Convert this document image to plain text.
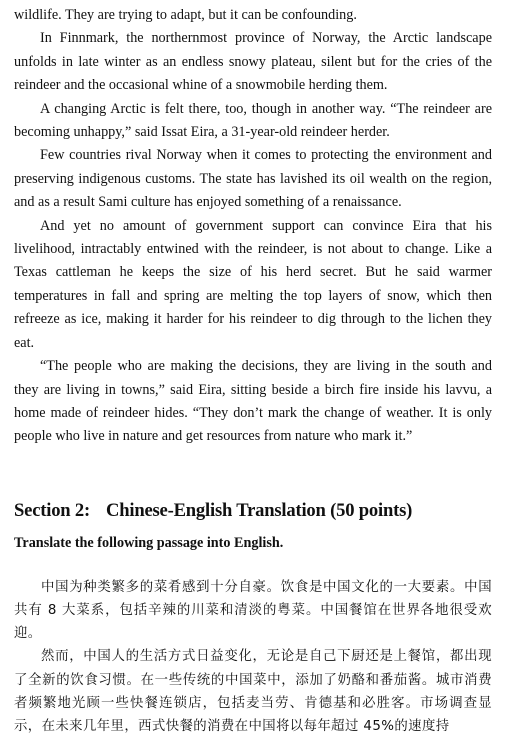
wildlife. They are trying to adapt, but it can be confounding.

In Finnmark, the northernmost province of Norway, the Arctic landscape unfolds in late winter as an endless snowy plateau, silent but for the cries of the reindeer and the occasional whine of a snowmobile herding them.

A changing Arctic is felt there, too, though in another way. “The reindeer are becoming unhappy,” said Issat Eira, a 31-year-old reindeer herder.

Few countries rival Norway when it comes to protecting the environment and preserving indigenous customs. The state has lavished its oil wealth on the region, and as a result Sami culture has enjoyed something of a renaissance.

And yet no amount of government support can convince Eira that his livelihood, intractably entwined with the reindeer, is not about to change. Like a Texas cattleman he keeps the size of his herd secret. But he said warmer temperatures in fall and spring are melting the top layers of snow, which then refreeze as ice, making it harder for his reindeer to dig through to the lichen they eat.

“The people who are making the decisions, they are living in the south and they are living in towns,” said Eira, sitting beside a birch fire inside his lavvu, a home made of reindeer hides. “They don’t mark the change of weather. It is only people who live in nature and get resources from nature who mark it.”

Section 2: Chinese-English Translation (50 points)

Translate the following passage into English.

中国为种类繁多的菜肴感到十分自豪。饮食是中国文化的一大要素。中国共有 8 大菜系，包括辛辣的川菜和清淡的粤菜。中国餐馆在世界各地很受欢迎。

然而，中国人的生活方式日益变化，无论是自己下厨还是上餐馆，都出现了全新的饮食习惯。在一些传统的中国菜中，添加了奶酪和番茄酱。城市消费者频繁地光顾一些快餐连锁店，包括麦当劳、肯德基和必胜客。市场调查显示，在未来几年里，西式快餐的消费在中国将以每年超过 45%的速度持
